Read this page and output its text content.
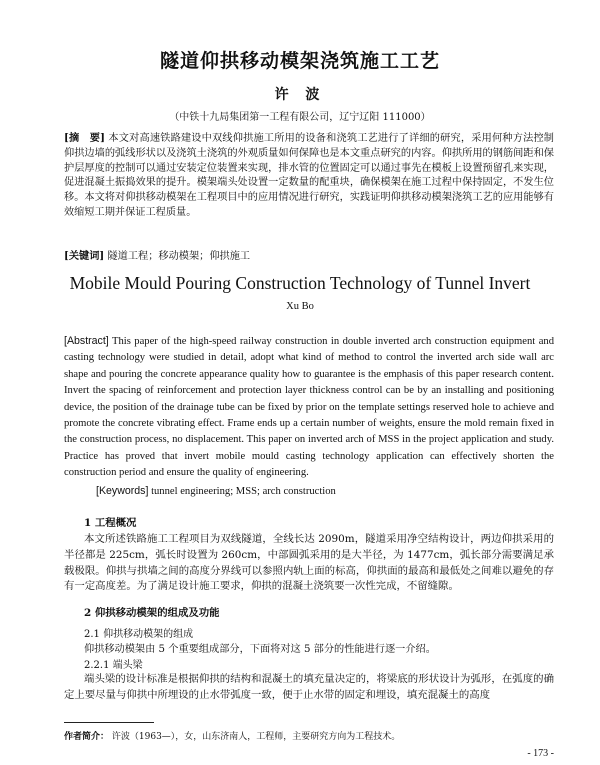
隧道仰拱移动模架浇筑施工工艺
许 波
（中铁十九局集团第一工程有限公司，辽宁辽阳 111000）
[摘　要] 本文对高速铁路建设中双线仰拱施工所用的设备和浇筑工艺进行了详细的研究，采用何种方法控制仰拱边墙的弧线形状以及浇筑土浇筑的外观质量如何保障也是本文重点研究的内容。仰拱所用的钢筋间距和保护层厚度的控制可以通过安装定位装置来实现，排水管的位置固定可以通过事先在模板上设置预留孔来实现，促进混凝土振捣效果的提升。模架端头处设置一定数量的配重块，确保模架在施工过程中保持固定，不发生位移。本文将对仰拱移动模架在工程项目中的应用情况进行研究，实践证明仰拱移动模架浇筑工艺的应用能够有效缩短工期并保证工程质量。
[关键词] 隧道工程；移动模架；仰拱施工
Mobile Mould Pouring Construction Technology of Tunnel Invert
Xu Bo
[Abstract] This paper of the high-speed railway construction in double inverted arch construction equipment and casting technology were studied in detail, adopt what kind of method to control the inverted arch side wall arc shape and pouring the concrete appearance quality how to guarantee is the emphasis of this paper research content. Invert the spacing of reinforcement and protection layer thickness control can be by an installing and positioning device, the position of the drainage tube can be fixed by prior on the template settings reserved hole to achieve and promote the concrete vibrating effect. Frame ends up a certain number of weights, ensure the mold remain fixed in the construction process, no displacement. This paper on inverted arch of MSS in the project application and study. Practice has proved that invert mobile mould casting technology application can effectively shorten the construction period and ensure the quality of engineering.
[Keywords] tunnel engineering; MSS; arch construction
1 工程概况
本文所述铁路施工工程项目为双线隧道，全线长达 2090m，隧道采用净空结构设计，两边仰拱采用的半径都是 225cm，弧长时设置为 260cm，中部圆弧采用的是大半径，为 1477cm，弧长部分需要满足承载极限。仰拱与拱墙之间的高度分界线可以参照内轨上面的标高，仰拱面的最高和最低处之间难以避免的存有一定高度差。为了满足设计施工要求，仰拱的混凝土浇筑要一次性完成，不留缝隙。
2 仰拱移动模架的组成及功能
2.1 仰拱移动模架的组成
仰拱移动模架由 5 个重要组成部分，下面将对这 5 部分的性能进行逐一介绍。
2.2.1 端头梁
端头梁的设计标准是根据仰拱的结构和混凝土的填充量决定的，将梁底的形状设计为弧形，在弧度的确定上要尽量与仰拱中所埋设的止水带弧度一致，便于止水带的固定和埋设，填充混凝土的高度
作者简介： 许波（1963—），女，山东济南人，工程师，主要研究方向为工程技术。
- 173 -
